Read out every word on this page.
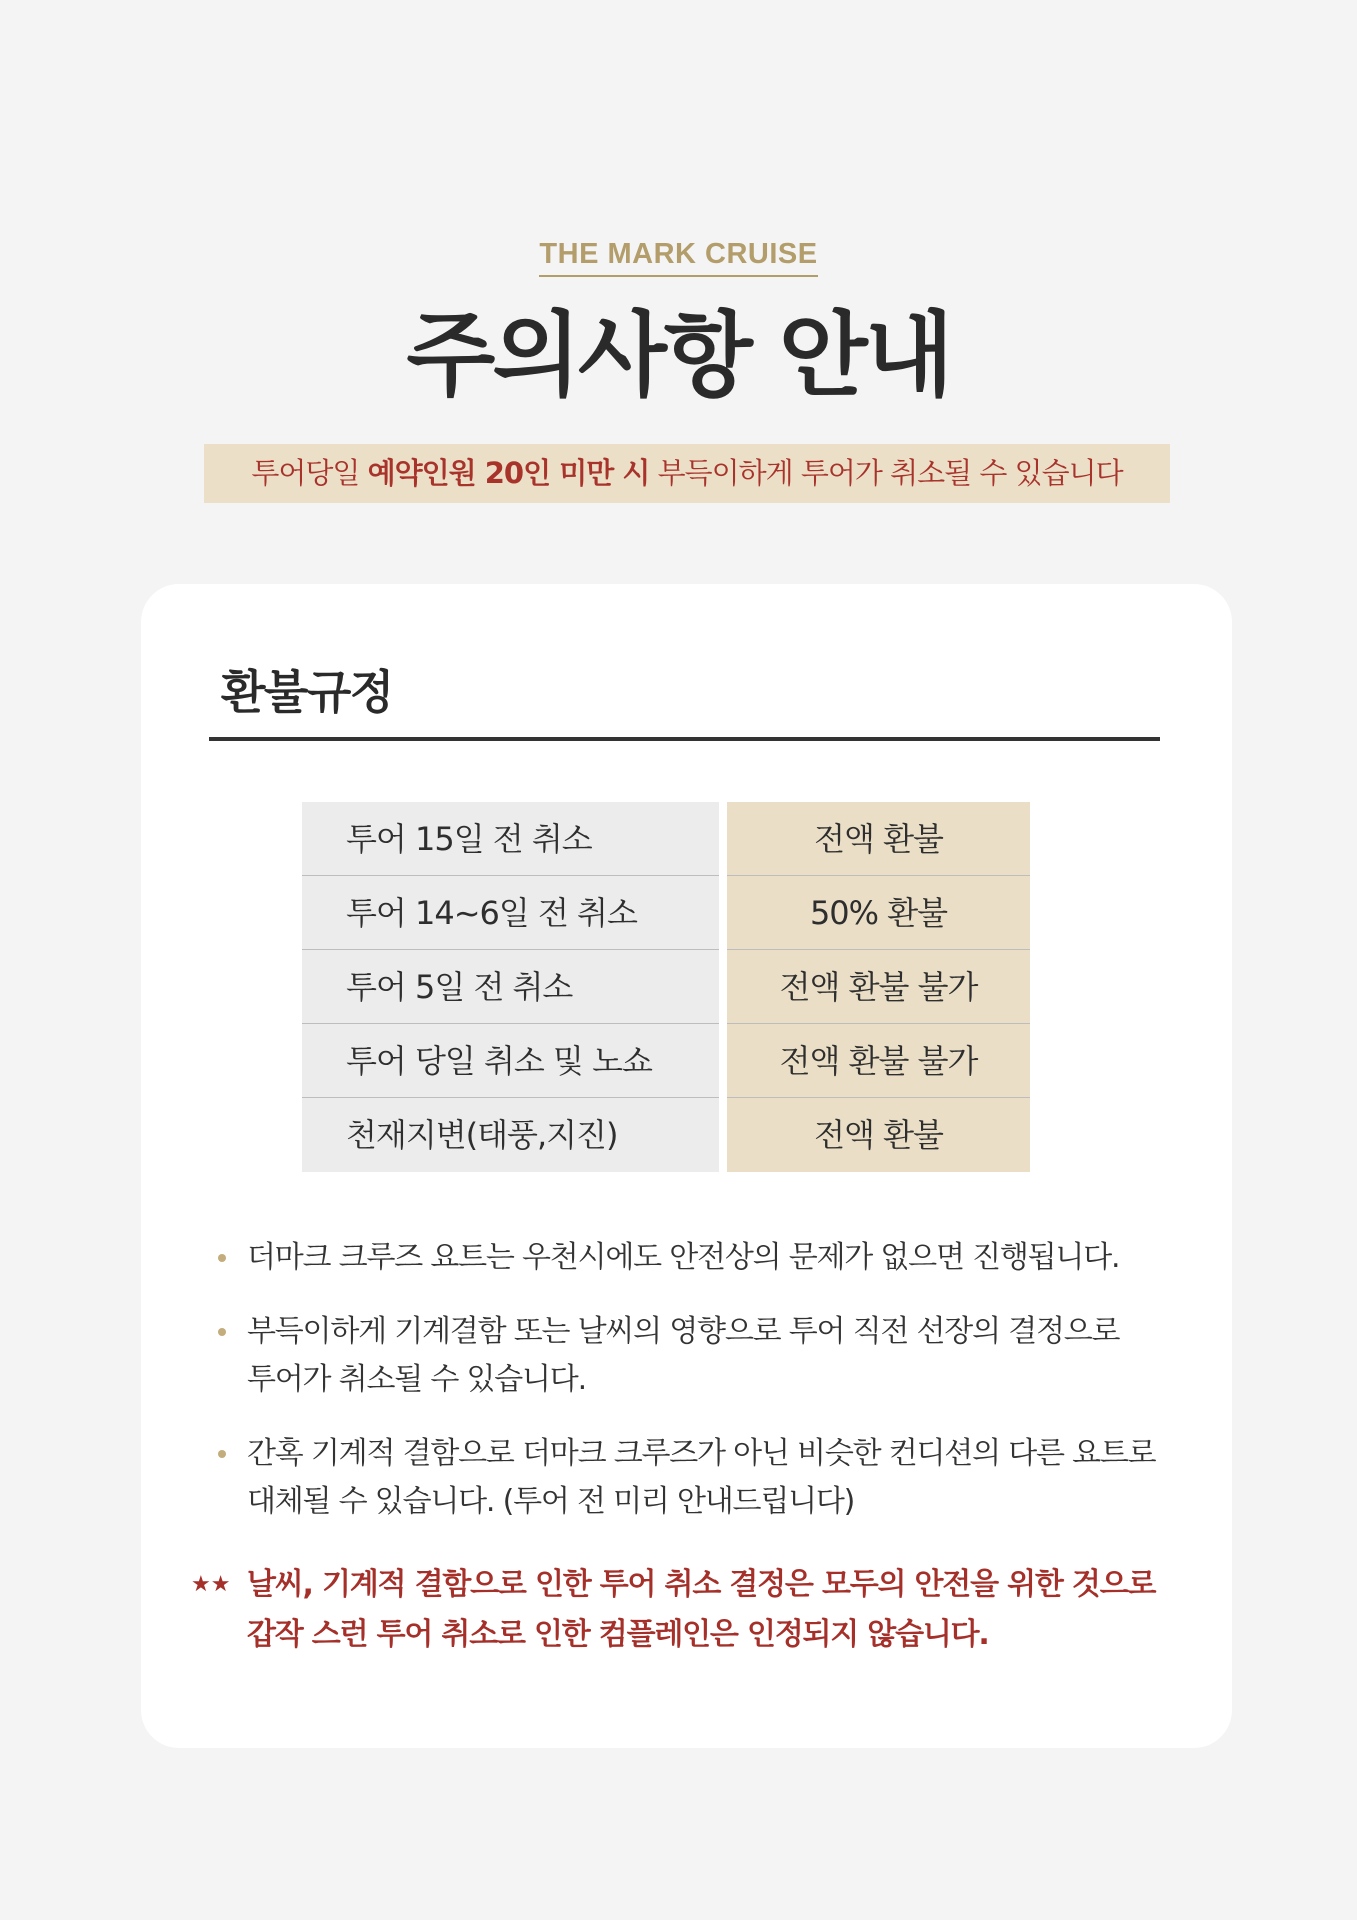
THE MARK CRUISE
주의사항 안내
투어당일 예약인원 20인 미만 시 부득이하게 투어가 취소될 수 있습니다
환불규정
투어 15일 전 취소	전액 환불
투어 14~6일 전 취소	50% 환불
투어 5일 전 취소	전액 환불 불가
투어 당일 취소 및 노쇼	전액 환불 불가
천재지변(태풍,지진)	전액 환불
더마크 크루즈 요트는 우천시에도 안전상의 문제가 없으면 진행됩니다.
부득이하게 기계결함 또는 날씨의 영향으로 투어 직전 선장의 결정으로
투어가 취소될 수 있습니다.
간혹 기계적 결함으로 더마크 크루즈가 아닌 비슷한 컨디션의 다른 요트로
대체될 수 있습니다. (투어 전 미리 안내드립니다)
★★ 날씨, 기계적 결함으로 인한 투어 취소 결정은 모두의 안전을 위한 것으로
갑작 스런 투어 취소로 인한 컴플레인은 인정되지 않습니다.
